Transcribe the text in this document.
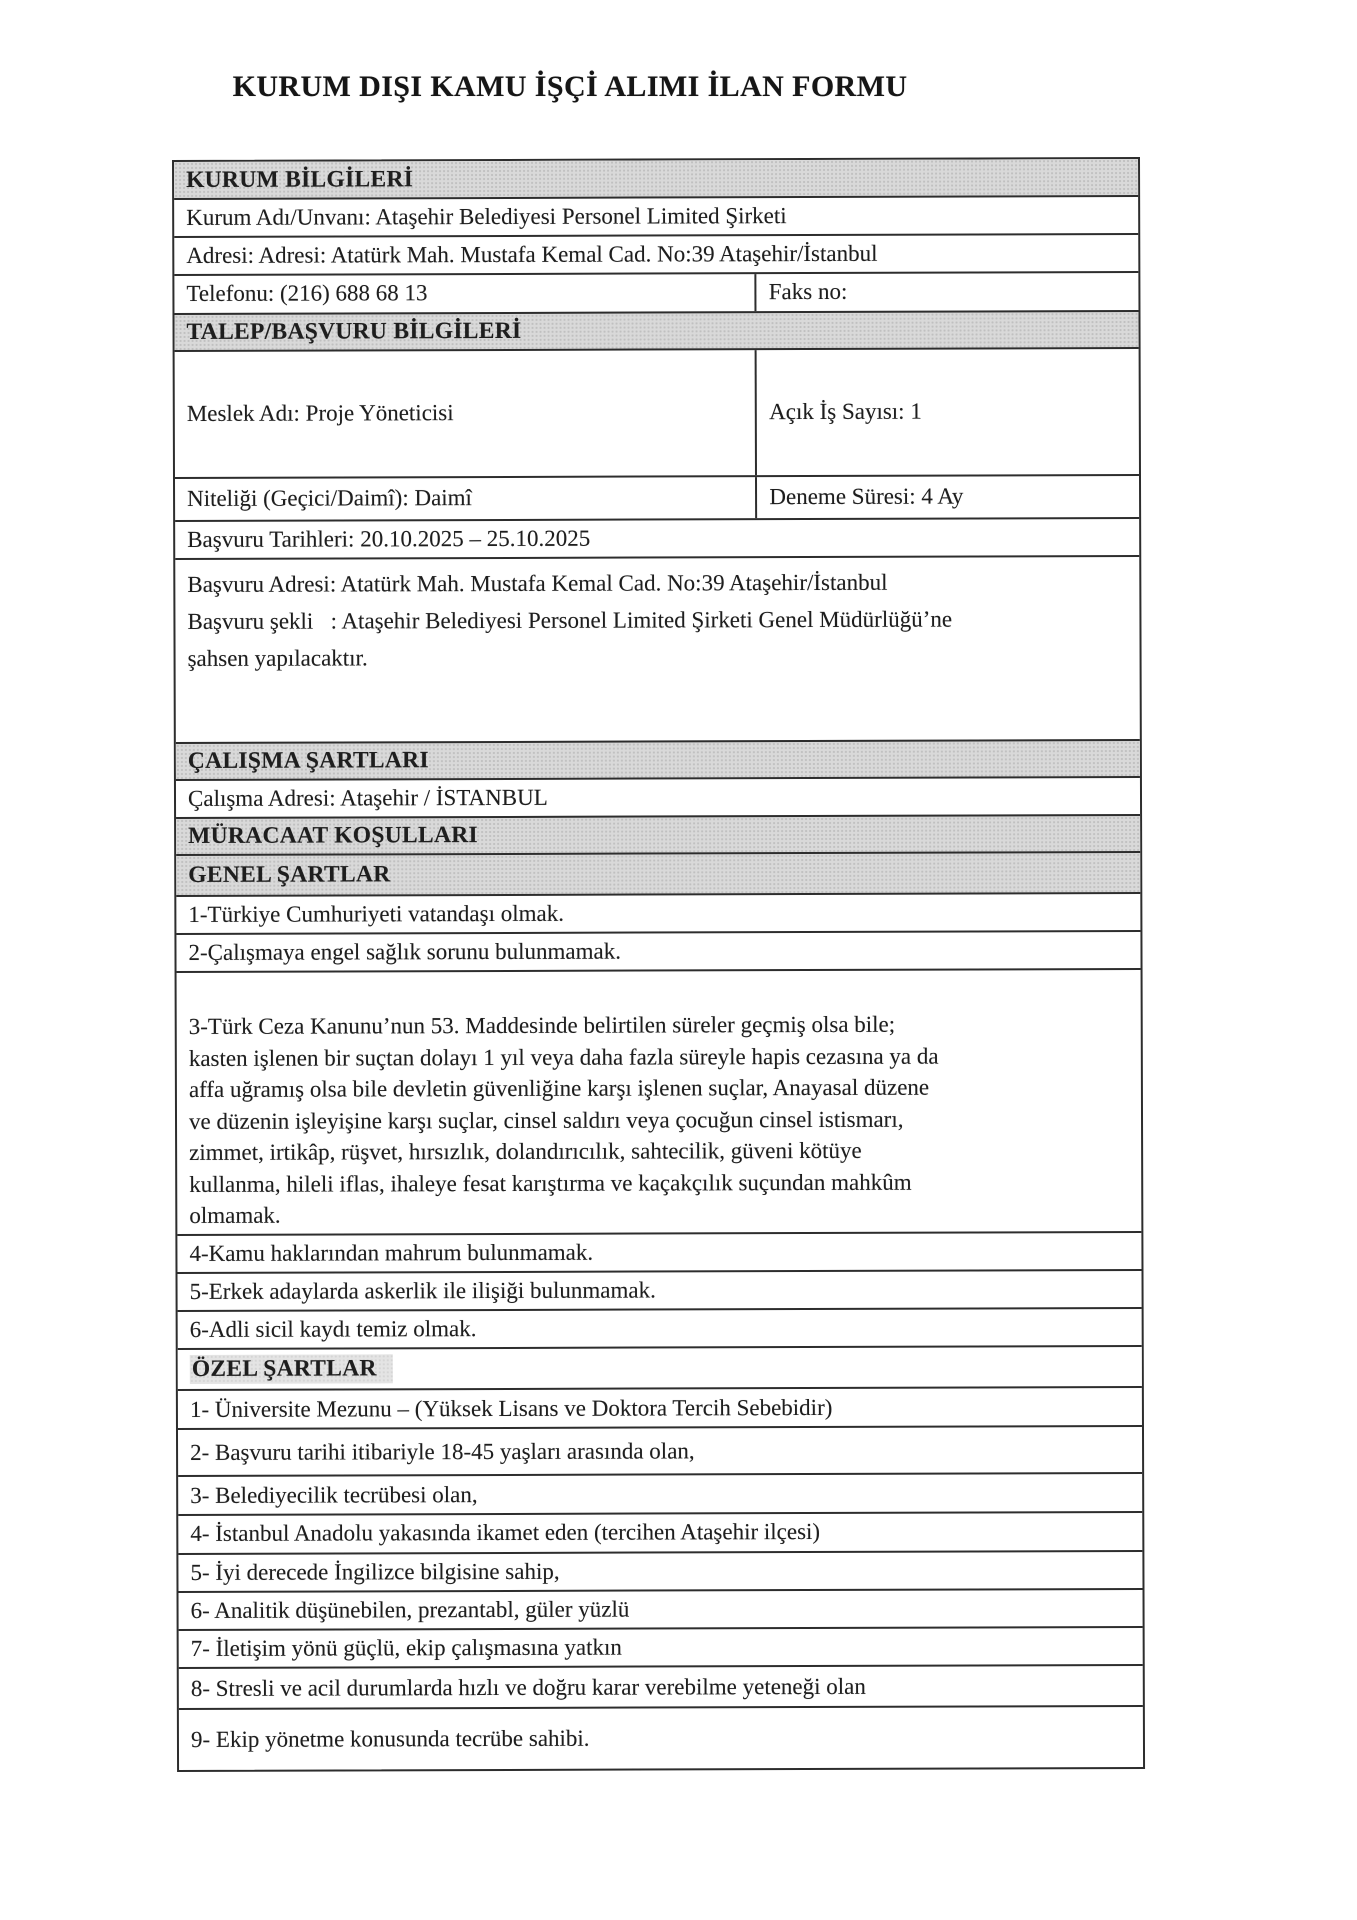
KURUM DIŞI KAMU İŞÇİ ALIMI İLAN FORMU
KURUM BİLGİLERİ
Kurum Adı/Unvanı: Ataşehir Belediyesi Personel Limited Şirketi
Adresi: Adresi: Atatürk Mah. Mustafa Kemal Cad. No:39 Ataşehir/İstanbul
Telefonu: (216) 688 68 13	Faks no:
TALEP/BAŞVURU BİLGİLERİ
Meslek Adı: Proje Yöneticisi	Açık İş Sayısı: 1
Niteliği (Geçici/Daimî): Daimî	Deneme Süresi: 4 Ay
Başvuru Tarihleri: 20.10.2025 – 25.10.2025
Başvuru Adresi: Atatürk Mah. Mustafa Kemal Cad. No:39 Ataşehir/İstanbul
Başvuru şekli   : Ataşehir Belediyesi Personel Limited Şirketi Genel Müdürlüğü’ne
şahsen yapılacaktır.
ÇALIŞMA ŞARTLARI
Çalışma Adresi: Ataşehir / İSTANBUL
MÜRACAAT KOŞULLARI
GENEL ŞARTLAR
1-Türkiye Cumhuriyeti vatandaşı olmak.
2-Çalışmaya engel sağlık sorunu bulunmamak.
3-Türk Ceza Kanunu’nun 53. Maddesinde belirtilen süreler geçmiş olsa bile;
kasten işlenen bir suçtan dolayı 1 yıl veya daha fazla süreyle hapis cezasına ya da
affa uğramış olsa bile devletin güvenliğine karşı işlenen suçlar, Anayasal düzene
ve düzenin işleyişine karşı suçlar, cinsel saldırı veya çocuğun cinsel istismarı,
zimmet, irtikâp, rüşvet, hırsızlık, dolandırıcılık, sahtecilik, güveni kötüye
kullanma, hileli iflas, ihaleye fesat karıştırma ve kaçakçılık suçundan mahkûm
olmamak.
4-Kamu haklarından mahrum bulunmamak.
5-Erkek adaylarda askerlik ile ilişiği bulunmamak.
6-Adli sicil kaydı temiz olmak.
ÖZEL ŞARTLAR
1- Üniversite Mezunu – (Yüksek Lisans ve Doktora Tercih Sebebidir)
2- Başvuru tarihi itibariyle 18-45 yaşları arasında olan,
3- Belediyecilik tecrübesi olan,
4- İstanbul Anadolu yakasında ikamet eden (tercihen Ataşehir ilçesi)
5- İyi derecede İngilizce bilgisine sahip,
6- Analitik düşünebilen, prezantabl, güler yüzlü
7- İletişim yönü güçlü, ekip çalışmasına yatkın
8- Stresli ve acil durumlarda hızlı ve doğru karar verebilme yeteneği olan
9- Ekip yönetme konusunda tecrübe sahibi.
